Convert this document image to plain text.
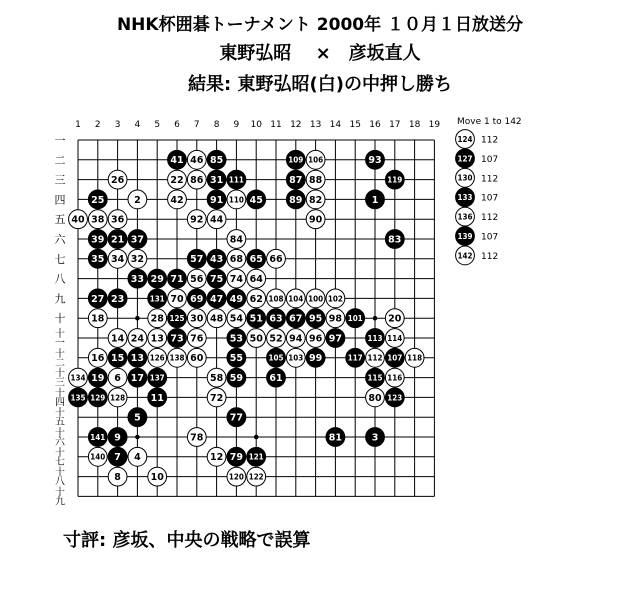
NHK杯囲碁トーナメント 2000年 １０月１日放送分
東野弘昭　 ×　彦坂直人
結果: 東野弘昭(白)の中押し勝ち
1 2 3 4 5 6 7 8 9 10 11 12 13 14 15 16 17 18 19
一
二
三
四
五
六
七
八
九
十
十一
十二
十三
十四
十五
十六
十七
十八
十九
41 46 85	109 106	93
26	22 86 31 111	87 88	119
25	2	42	91 110 45	89 82	1
40 38 36	92 44	90
39 21 37	84	83
35 34 32	57 43 68 65 66
33 29 71 56 75 74 64
27 23	131 70 69 47 49 62 108 104 100 102
18	28 125 30 48 54 51 63 67 95 98 101	20
14 24 13 73 76	53 50 52 94 96 97	113 114
16 15 13 126 138 60	55	105 103 99	117 112 107 118
134 19 6 17 137	58 59	61	115 116
135 129 128	11	72	80 123
5	77
141 9	78	81	3
140 7 4	12 79 121
8	10	120 122
Move 1 to 142
124 112
127 107
130 112
133 107
136 112
139 107
142 112
寸評: 彦坂、中央の戦略で誤算
